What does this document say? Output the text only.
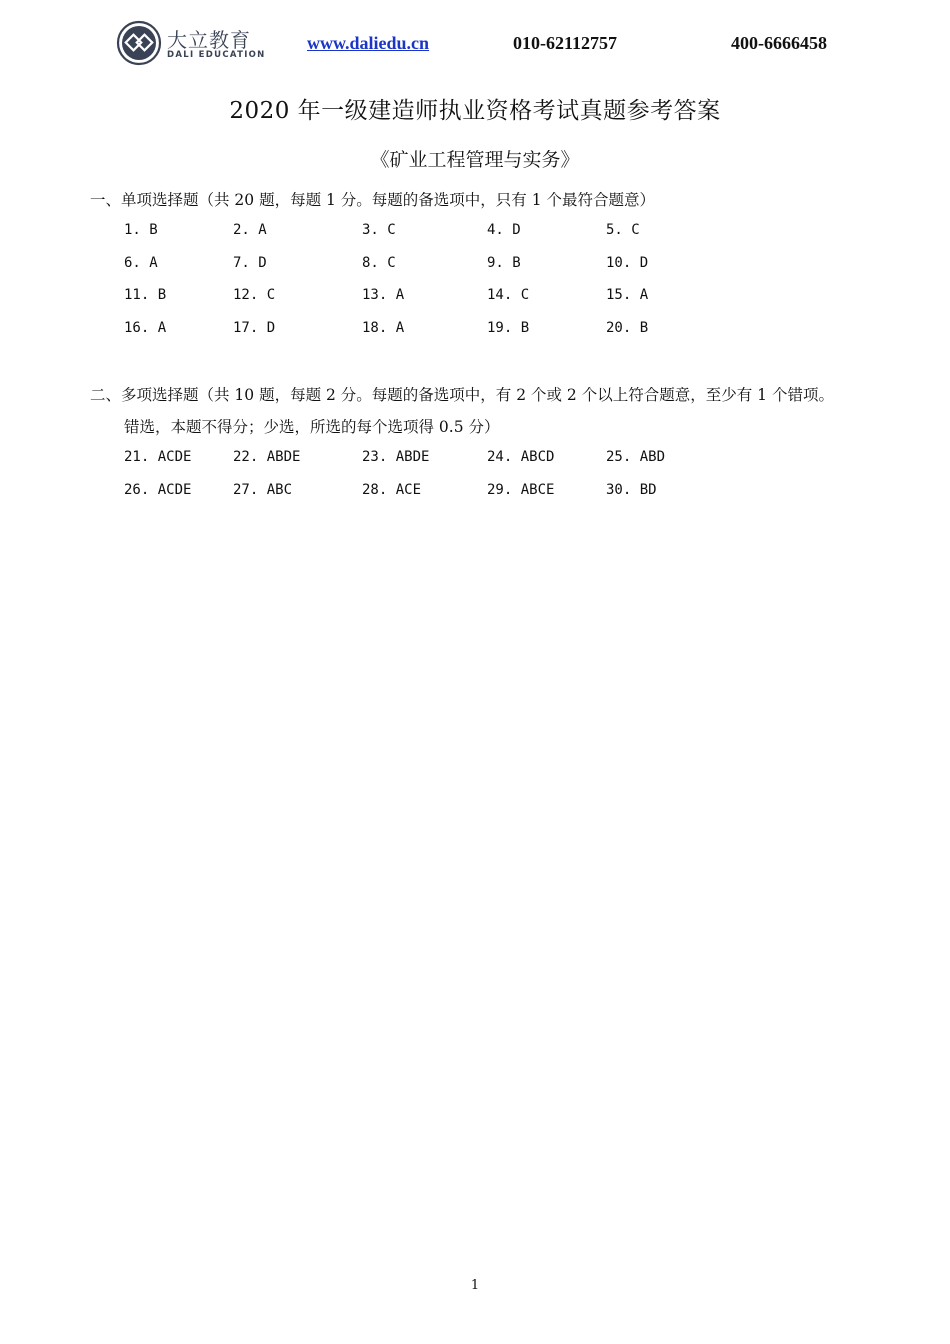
大立教育
DALI EDUCATION
www.daliedu.cn	010-62112757	400-6666458
2020 年一级建造师执业资格考试真题参考答案
《矿业工程管理与实务》
一、单项选择题（共 20 题，每题 1 分。每题的备选项中，只有 1 个最符合题意）
1. B	2. A	3. C	4. D	5. C
6. A	7. D	8. C	9. B	10. D
11. B	12. C	13. A	14. C	15. A
16. A	17. D	18. A	19. B	20. B
二、多项选择题（共 10 题，每题 2 分。每题的备选项中，有 2 个或 2 个以上符合题意，至少有 1 个错项。
错选，本题不得分；少选，所选的每个选项得 0.5 分）
21. ACDE	22. ABDE	23. ABDE	24. ABCD	25. ABD
26. ACDE	27. ABC	28. ACE	29. ABCE	30. BD
1
